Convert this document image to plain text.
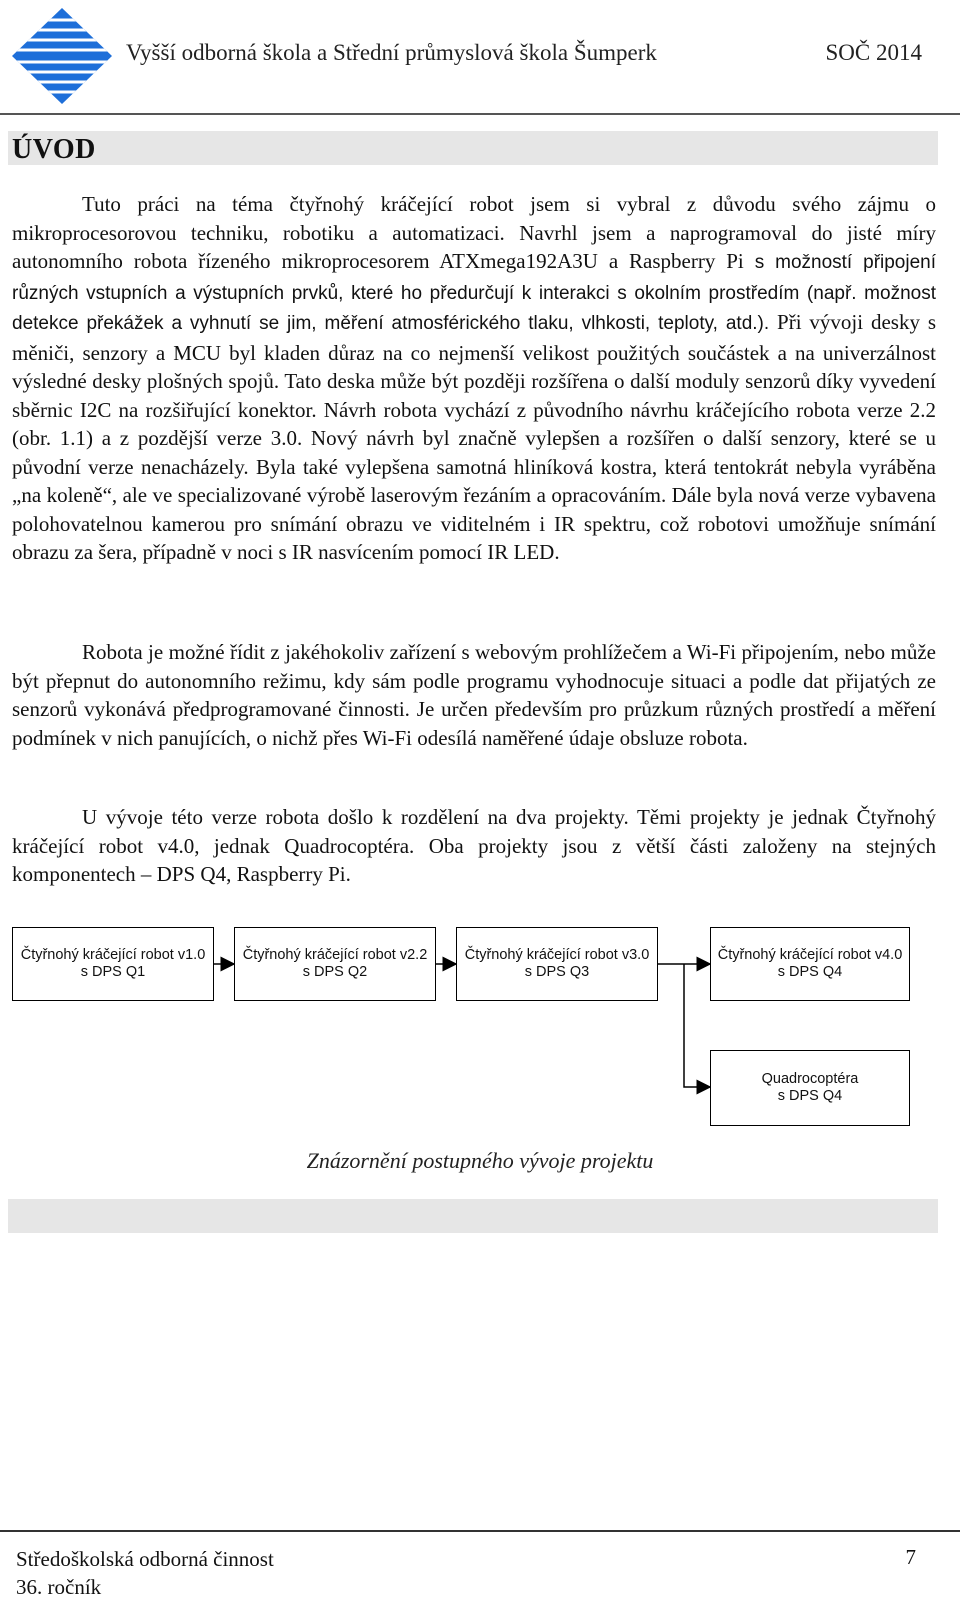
Vyšší odborná škola a Střední průmyslová škola Šumperk	SOČ 2014
ÚVOD

Tuto práci na téma čtyřnohý kráčející robot jsem si vybral z důvodu svého zájmu o mikroprocesorovou techniku, robotiku a automatizaci. Navrhl jsem a naprogramoval do jisté míry autonomního robota řízeného mikroprocesorem ATXmega192A3U a Raspberry Pi s možností připojení různých vstupních a výstupních prvků, které ho předurčují k interakci s okolním prostředím (např. možnost detekce překážek a vyhnutí se jim, měření atmosférického tlaku, vlhkosti, teploty, atd.). Při vývoji desky s měniči, senzory a MCU byl kladen důraz na co nejmenší velikost použitých součástek a na univerzálnost výsledné desky plošných spojů. Tato deska může být později rozšířena o další moduly senzorů díky vyvedení sběrnic I2C na rozšiřující konektor. Návrh robota vychází z původního návrhu kráčejícího robota verze 2.2 (obr. 1.1) a z pozdější verze 3.0. Nový návrh byl značně vylepšen a rozšířen o další senzory, které se u původní verze nenacházely. Byla také vylepšena samotná hliníková kostra, která tentokrát nebyla vyráběna „na koleně“, ale ve specializované výrobě laserovým řezáním a opracováním. Dále byla nová verze vybavena polohovatelnou kamerou pro snímání obrazu ve viditelném i IR spektru, což robotovi umožňuje snímání obrazu za šera, případně v noci s IR nasvícením pomocí IR LED.

Robota je možné řídit z jakéhokoliv zařízení s webovým prohlížečem a Wi-Fi připojením, nebo může být přepnut do autonomního režimu, kdy sám podle programu vyhodnocuje situaci a podle dat přijatých ze senzorů vykonává předprogramované činnosti. Je určen především pro průzkum různých prostředí a měření podmínek v nich panujících, o nichž přes Wi-Fi odesílá naměřené údaje obsluze robota.

U vývoje této verze robota došlo k rozdělení na dva projekty. Těmi projekty je jednak Čtyřnohý kráčející robot v4.0, jednak Quadrocoptéra. Oba projekty jsou z větší části založeny na stejných komponentech – DPS Q4, Raspberry Pi.

Čtyřnohý kráčející robot v1.0
s DPS Q1
Čtyřnohý kráčející robot v2.2
s DPS Q2
Čtyřnohý kráčející robot v3.0
s DPS Q3
Čtyřnohý kráčející robot v4.0
s DPS Q4
Quadrocoptéra
s DPS Q4
Znázornění postupného vývoje projektu
Středoškolská odborná činnost
36. ročník
7
